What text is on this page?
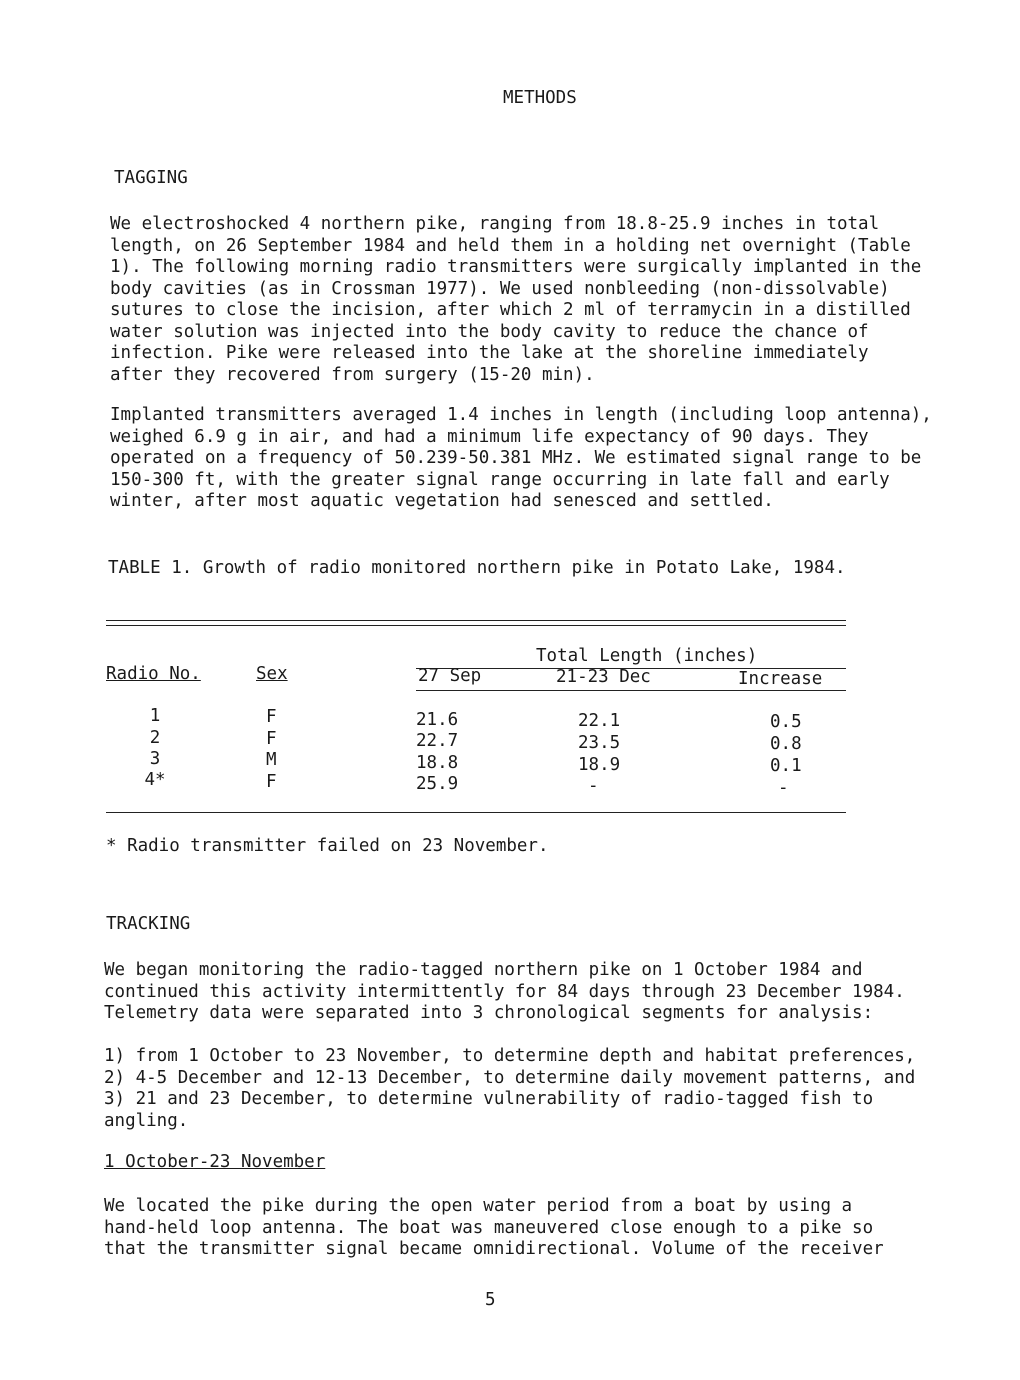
METHODS
TAGGING
We electroshocked 4 northern pike, ranging from 18.8-25.9 inches in total
length, on 26 September 1984 and held them in a holding net overnight (Table
1). The following morning radio transmitters were surgically implanted in the
body cavities (as in Crossman 1977). We used nonbleeding (non-dissolvable)
sutures to close the incision, after which 2 ml of terramycin in a distilled
water solution was injected into the body cavity to reduce the chance of
infection. Pike were released into the lake at the shoreline immediately
after they recovered from surgery (15-20 min).
Implanted transmitters averaged 1.4 inches in length (including loop antenna),
weighed 6.9 g in air, and had a minimum life expectancy of 90 days. They
operated on a frequency of 50.239-50.381 MHz. We estimated signal range to be
150-300 ft, with the greater signal range occurring in late fall and early
winter, after most aquatic vegetation had senesced and settled.
TABLE 1. Growth of radio monitored northern pike in Potato Lake, 1984.
Total Length (inches)
Radio No.	Sex	27 Sep	21-23 Dec	Increase
1	F	21.6	22.1	0.5
2	F	22.7	23.5	0.8
3	M	18.8	18.9	0.1
4*	F	25.9	-	-
* Radio transmitter failed on 23 November.
TRACKING
We began monitoring the radio-tagged northern pike on 1 October 1984 and
continued this activity intermittently for 84 days through 23 December 1984.
Telemetry data were separated into 3 chronological segments for analysis:
1) from 1 October to 23 November, to determine depth and habitat preferences,
2) 4-5 December and 12-13 December, to determine daily movement patterns, and
3) 21 and 23 December, to determine vulnerability of radio-tagged fish to
angling.
1 October-23 November
We located the pike during the open water period from a boat by using a
hand-held loop antenna. The boat was maneuvered close enough to a pike so
that the transmitter signal became omnidirectional. Volume of the receiver
5
